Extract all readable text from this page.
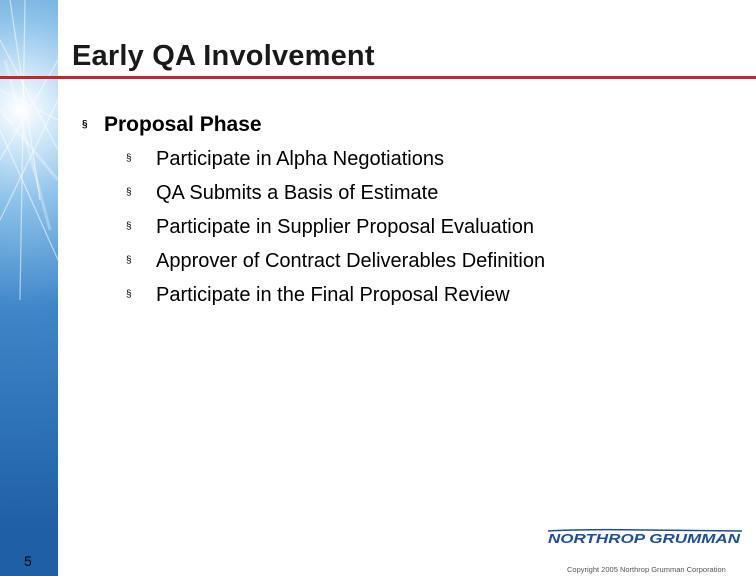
Early QA Involvement
§ Proposal Phase
§ Participate in Alpha Negotiations
§ QA Submits a Basis of Estimate
§ Participate in Supplier Proposal Evaluation
§ Approver of Contract Deliverables Definition
§ Participate in the Final Proposal Review
5
NORTHROP GRUMMAN
Copyright 2005 Northrop Grumman Corporation
